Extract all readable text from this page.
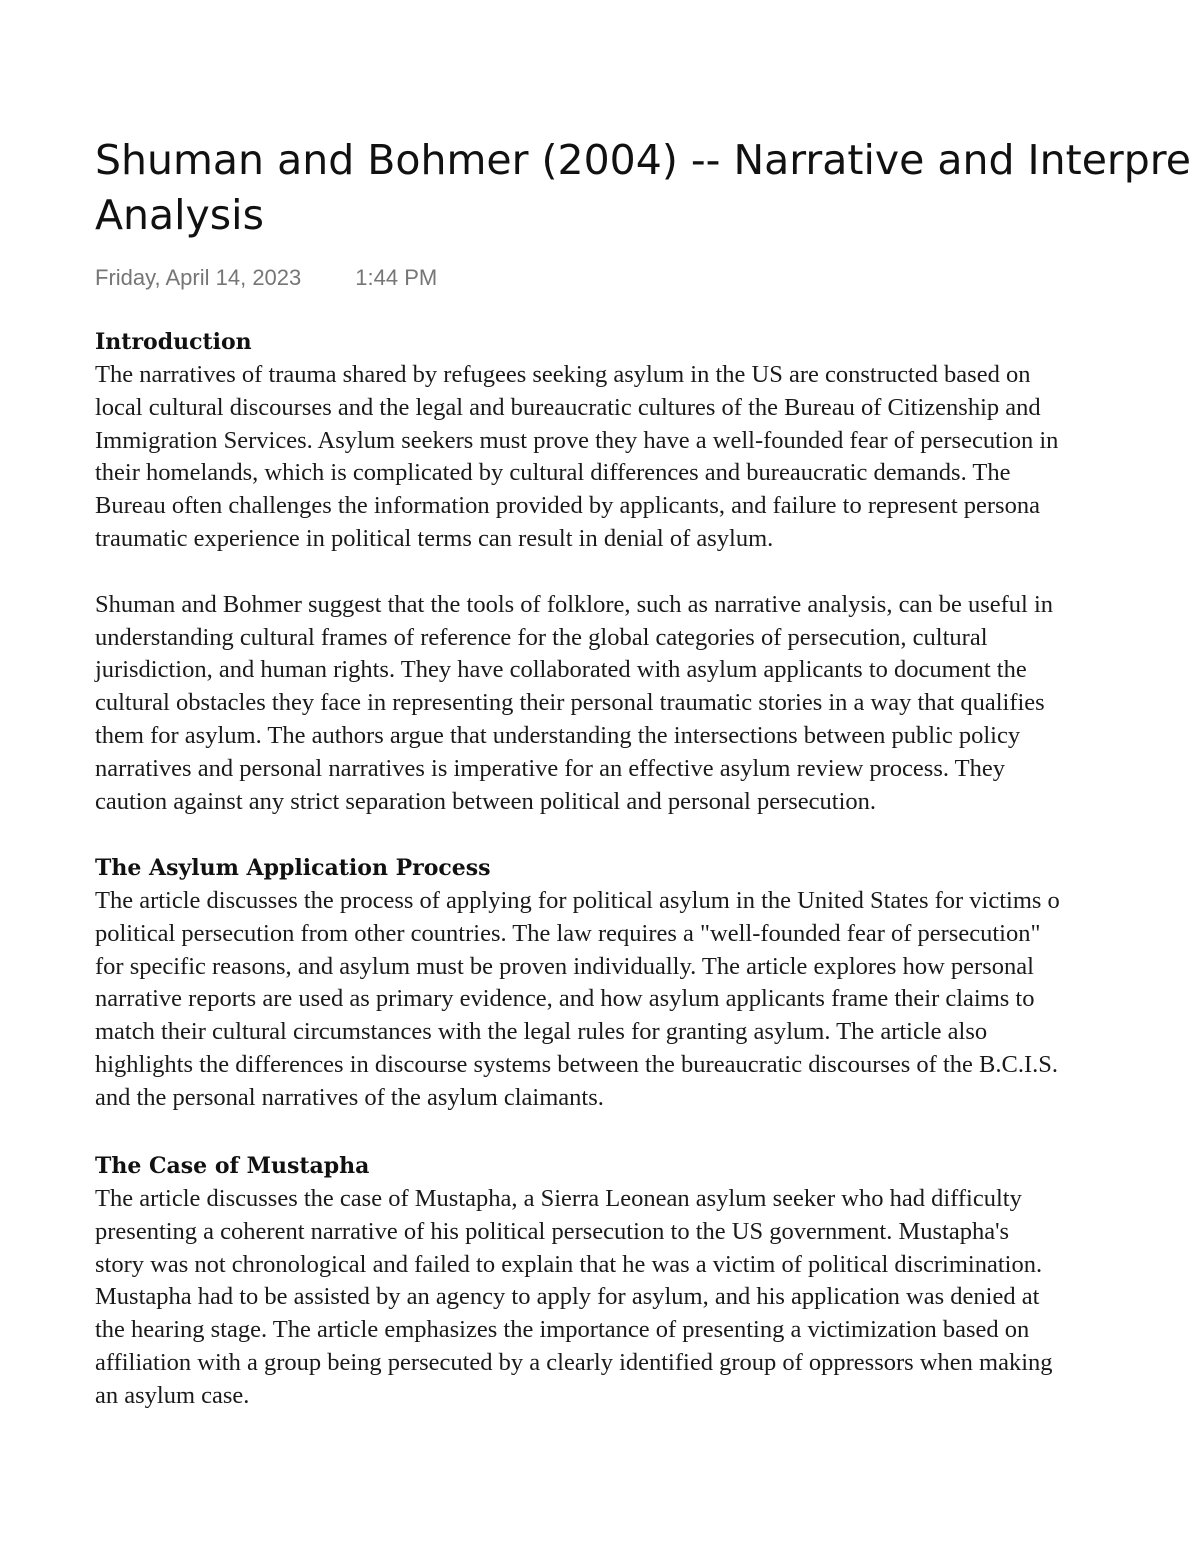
Shuman and Bohmer (2004) -- Narrative and Interpre
Analysis
Friday, April 14, 2023 1:44 PM
Introduction

The narratives of trauma shared by refugees seeking asylum in the US are constructed based on
local cultural discourses and the legal and bureaucratic cultures of the Bureau of Citizenship and
Immigration Services. Asylum seekers must prove they have a well-founded fear of persecution in
their homelands, which is complicated by cultural differences and bureaucratic demands. The
Bureau often challenges the information provided by applicants, and failure to represent persona
traumatic experience in political terms can result in denial of asylum.

Shuman and Bohmer suggest that the tools of folklore, such as narrative analysis, can be useful in
understanding cultural frames of reference for the global categories of persecution, cultural
jurisdiction, and human rights. They have collaborated with asylum applicants to document the
cultural obstacles they face in representing their personal traumatic stories in a way that qualifies
them for asylum. The authors argue that understanding the intersections between public policy
narratives and personal narratives is imperative for an effective asylum review process. They
caution against any strict separation between political and personal persecution.

The Asylum Application Process

The article discusses the process of applying for political asylum in the United States for victims o
political persecution from other countries. The law requires a "well-founded fear of persecution"
for specific reasons, and asylum must be proven individually. The article explores how personal
narrative reports are used as primary evidence, and how asylum applicants frame their claims to
match their cultural circumstances with the legal rules for granting asylum. The article also
highlights the differences in discourse systems between the bureaucratic discourses of the B.C.I.S.
and the personal narratives of the asylum claimants.

The Case of Mustapha

The article discusses the case of Mustapha, a Sierra Leonean asylum seeker who had difficulty
presenting a coherent narrative of his political persecution to the US government. Mustapha's
story was not chronological and failed to explain that he was a victim of political discrimination.
Mustapha had to be assisted by an agency to apply for asylum, and his application was denied at
the hearing stage. The article emphasizes the importance of presenting a victimization based on
affiliation with a group being persecuted by a clearly identified group of oppressors when making
an asylum case.
